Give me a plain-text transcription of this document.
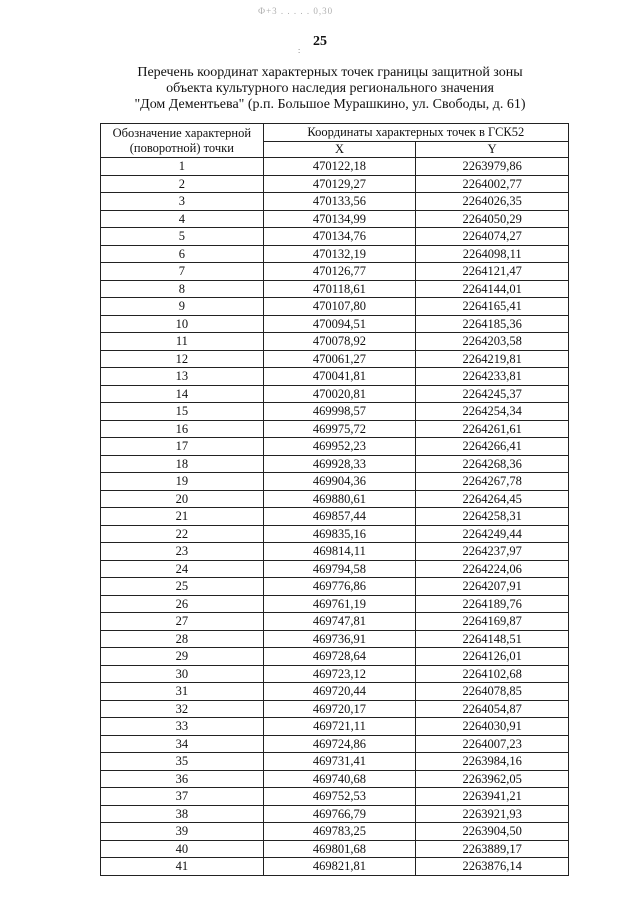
Ф+3 . . . . . 0,30
25
:
Перечень координат характерных точек границы защитной зоны
объекта культурного наследия регионального значения
"Дом Дементьева" (р.п. Большое Мурашкино, ул. Свободы, д. 61)
Обозначение характерной (поворотной) точки	Координаты характерных точек в ГСК52	
	X	Y
1	470122,18	2263979,86
2	470129,27	2264002,77
3	470133,56	2264026,35
4	470134,99	2264050,29
5	470134,76	2264074,27
6	470132,19	2264098,11
7	470126,77	2264121,47
8	470118,61	2264144,01
9	470107,80	2264165,41
10	470094,51	2264185,36
11	470078,92	2264203,58
12	470061,27	2264219,81
13	470041,81	2264233,81
14	470020,81	2264245,37
15	469998,57	2264254,34
16	469975,72	2264261,61
17	469952,23	2264266,41
18	469928,33	2264268,36
19	469904,36	2264267,78
20	469880,61	2264264,45
21	469857,44	2264258,31
22	469835,16	2264249,44
23	469814,11	2264237,97
24	469794,58	2264224,06
25	469776,86	2264207,91
26	469761,19	2264189,76
27	469747,81	2264169,87
28	469736,91	2264148,51
29	469728,64	2264126,01
30	469723,12	2264102,68
31	469720,44	2264078,85
32	469720,17	2264054,87
33	469721,11	2264030,91
34	469724,86	2264007,23
35	469731,41	2263984,16
36	469740,68	2263962,05
37	469752,53	2263941,21
38	469766,79	2263921,93
39	469783,25	2263904,50
40	469801,68	2263889,17
41	469821,81	2263876,14
